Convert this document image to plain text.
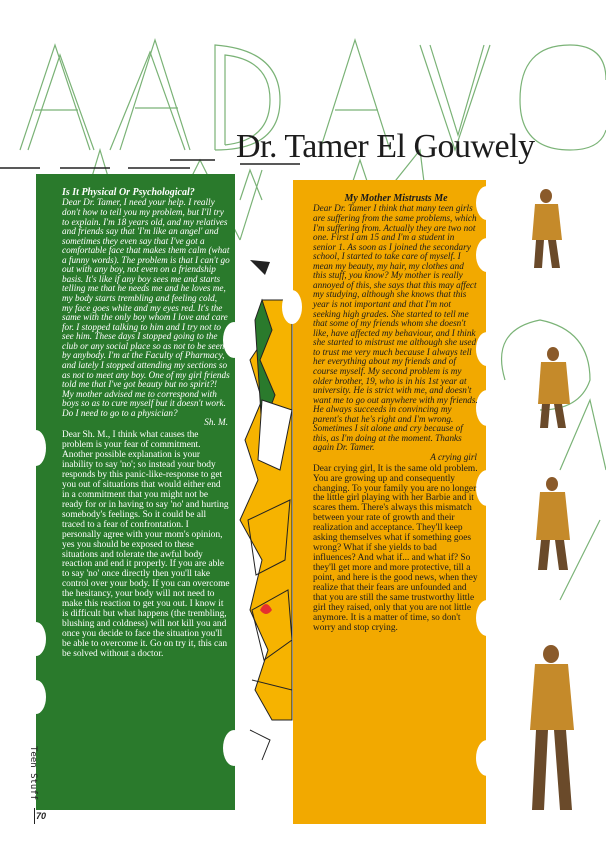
Dr. Tamer El Gouwely
Is It Physical Or Psychological?
Dear Dr. Tamer, I need your help. I really don't how to tell you my problem, but I'll try to explain. I'm 18 years old, and my relatives and friends say that 'I'm like an angel' and sometimes they even say that I've got a comfortable face that makes them calm (what a funny words). The problem is that I can't go out with any boy, not even on a friendship basis. It's like if any boy sees me and starts telling me that he needs me and he loves me, my body starts trembling and feeling cold, my face goes white and my eyes red. It's the same with the only boy whom I love and care for. I stopped talking to him and I try not to see him. These days I stopped going to the club or any social place so as not to be seen by anybody. I'm at the Faculty of Pharmacy, and lately I stopped attending my sections so as not to meet any boy. One of my girl friends told me that I've got beauty but no spirit?! My mother advised me to correspond with boys so as to cure myself but it doesn't work. Do I need to go to a physician?
Sh. M.
Dear Sh. M., I think what causes the problem is your fear of commitment. Another possible explanation is your inability to say 'no'; so instead your body responds by this panic-like-response to get you out of situations that would either end in a commitment that you might not be ready for or in having to say 'no' and hurting somebody's feelings. So it could be all traced to a fear of confrontation. I personally agree with your mom's opinion, yes you should be exposed to these situations and tolerate the awful body reaction and end it properly. If you are able to say 'no' once directly then you'll take control over your body. If you can overcome the hesitancy, your body will not need to make this reaction to get you out. I know it is difficult but what happens (the trembling, blushing and coldness) will not kill you and once you decide to face the situation you'll be able to overcome it. Go on try it, this can be solved without a doctor.
My Mother Mistrusts Me
Dear Dr. Tamer I think that many teen girls are suffering from the same problems, which I'm suffering from. Actually they are two not one. First I am 15 and I'm a student in senior 1. As soon as I joined the secondary school, I started to take care of myself. I mean my beauty, my hair, my clothes and this stuff, you know? My mother is really annoyed of this, she says that this may affect my studying, although she knows that this year is not important and that I'm not seeking high grades. She started to tell me that some of my friends whom she doesn't like, have affected my behaviour, and I think she started to mistrust me although she used to trust me very much because I always tell her everything about my friends and of course myself. My second problem is my older brother, 19, who is in his 1st year at university. He is strict with me, and doesn't want me to go out anywhere with my friends. He always succeeds in convincing my parent's that he's right and I'm wrong. Sometimes I sit alone and cry because of this, as I'm doing at the moment. Thanks again Dr. Tamer.
A crying girl
Dear crying girl, It is the same old problem. You are growing up and consequently changing. To your family you are no longer the little girl playing with her Barbie and it scares them. There's always this mismatch between your rate of growth and their realization and acceptance. They'll keep asking themselves what if something goes wrong? What if she yields to bad influences? And what if... and what if? So they'll get more and more protective, till a point, and here is the good news, when they realize that their fears are unfounded and that you are still the same trustworthy little girl they raised, only that you are not little anymore. It is a matter of time, so don't worry and stop crying.
Teen Stuff
70
